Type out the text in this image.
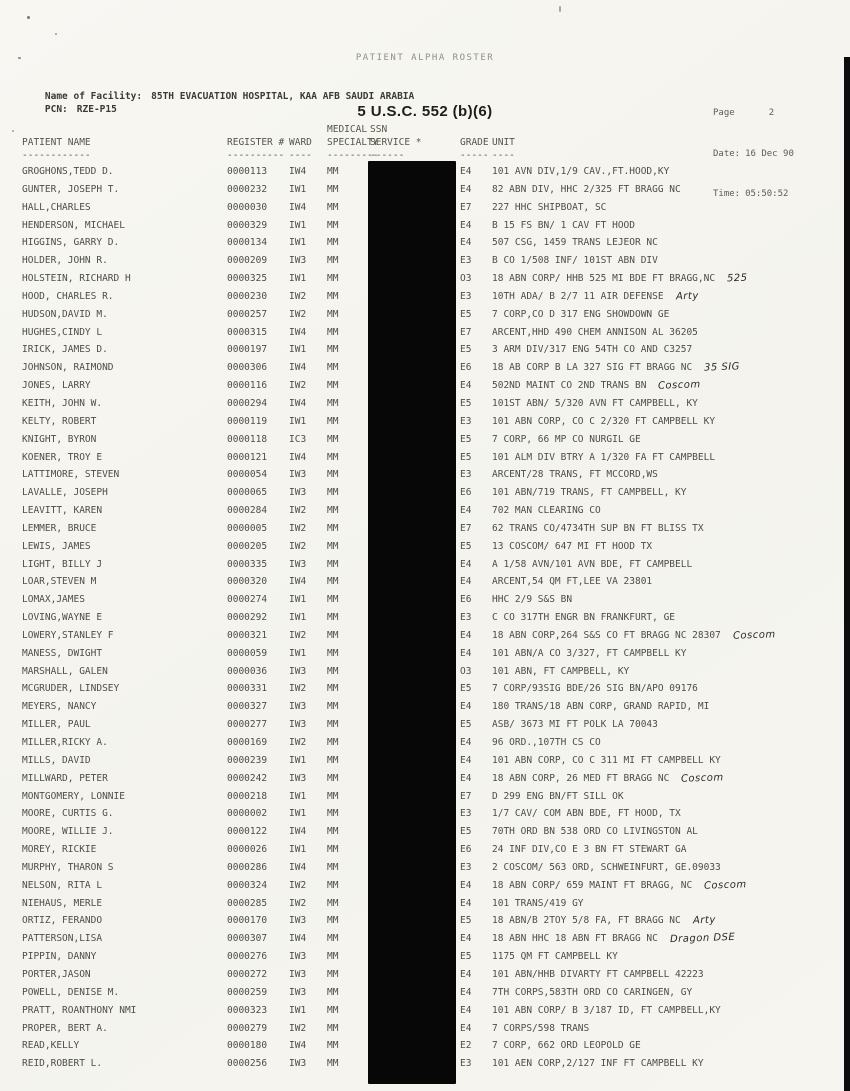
PATIENT ALPHA ROSTER

Name of Facility: 85TH EVACUATION HOSPITAL, KAA AFB SAUDI ARABIA

PCN: RZE-P15

	Page	2

Date: 16 Dec 90

Time: 05:50:52

5 U.S.C. 552 (b)(6)
MEDICAL SSN
PATIENT NAME	REGISTER # WARD	SPECIALTY
SERVICE *	GRADE UNIT
------------	---------- ----	---------
------	----- ----
GROGHONS,TEDD D.	0000113	IW4	MM	E4	101 AVN DIV,1/9 CAV.,FT.HOOD,KY
GUNTER, JOSEPH T.	0000232	IW1	MM	E4	82 ABN DIV, HHC 2/325 FT BRAGG NC
HALL,CHARLES	0000030	IW4	MM	E7	227 HHC SHIPBOAT, SC
HENDERSON, MICHAEL	0000329	IW1	MM	E4	B 15 FS BN/ 1 CAV FT HOOD
HIGGINS, GARRY D.	0000134	IW1	MM	E4	507 CSG, 1459 TRANS LEJEOR NC
HOLDER, JOHN R.	0000209	IW3	MM	E3	B CO 1/508 INF/ 101ST ABN DIV
HOLSTEIN, RICHARD H	0000325	IW1	MM	O3	18 ABN CORP/ HHB 525 MI BDE FT BRAGG,NC 525
HOOD, CHARLES R.	0000230	IW2	MM	E3	10TH ADA/ B 2/7 11 AIR DEFENSE Arty
HUDSON,DAVID M.	0000257	IW2	MM	E5	7 CORP,CO D 317 ENG SHOWDOWN GE
HUGHES,CINDY L	0000315	IW4	MM	E7	ARCENT,HHD 490 CHEM ANNISON AL 36205
IRICK, JAMES D.	0000197	IW1	MM	E5	3 ARM DIV/317 ENG 54TH CO AND C3257
JOHNSON, RAIMOND	0000306	IW4	MM	E6	18 AB CORP B LA 327 SIG FT BRAGG NC 35 SIG
JONES, LARRY	0000116	IW2	MM	E4	502ND MAINT CO 2ND TRANS BN Coscom
KEITH, JOHN W.	0000294	IW4	MM	E5	101ST ABN/ 5/320 AVN FT CAMPBELL, KY
KELTY, ROBERT	0000119	IW1	MM	E3	101 ABN CORP, CO C 2/320 FT CAMPBELL KY
KNIGHT, BYRON	0000118	IC3	MM	E5	7 CORP, 66 MP CO NURGIL GE
KOENER, TROY E	0000121	IW4	MM	E5	101 ALM DIV BTRY A 1/320 FA FT CAMPBELL
LATTIMORE, STEVEN	0000054	IW3	MM	E3	ARCENT/28 TRANS, FT MCCORD,WS
LAVALLE, JOSEPH	0000065	IW3	MM	E6	101 ABN/719 TRANS, FT CAMPBELL, KY
LEAVITT, KAREN	0000284	IW2	MM	E4	702 MAN CLEARING CO
LEMMER, BRUCE	0000005	IW2	MM	E7	62 TRANS CO/4734TH SUP BN FT BLISS TX
LEWIS, JAMES	0000205	IW2	MM	E5	13 COSCOM/ 647 MI FT HOOD TX
LIGHT, BILLY J	0000335	IW3	MM	E4	A 1/58 AVN/101 AVN BDE, FT CAMPBELL
LOAR,STEVEN M	0000320	IW4	MM	E4	ARCENT,54 QM FT,LEE VA 23801
LOMAX,JAMES	0000274	IW1	MM	E6	HHC 2/9 S&S BN
LOVING,WAYNE E	0000292	IW1	MM	E3	C CO 317TH ENGR BN FRANKFURT, GE
LOWERY,STANLEY F	0000321	IW2	MM	E4	18 ABN CORP,264 S&S CO FT BRAGG NC 28307 Coscom
MANESS, DWIGHT	0000059	IW1	MM	E4	101 ABN/A CO 3/327, FT CAMPBELL KY
MARSHALL, GALEN	0000036	IW3	MM	O3	101 ABN, FT CAMPBELL, KY
MCGRUDER, LINDSEY	0000331	IW2	MM	E5	7 CORP/93SIG BDE/26 SIG BN/APO 09176
MEYERS, NANCY	0000327	IW3	MM	E4	180 TRANS/18 ABN CORP, GRAND RAPID, MI
MILLER, PAUL	0000277	IW3	MM	E5	ASB/ 3673 MI FT POLK LA 70043
MILLER,RICKY A.	0000169	IW2	MM	E4	96 ORD.,107TH CS CO
MILLS, DAVID	0000239	IW1	MM	E4	101 ABN CORP, CO C 311 MI FT CAMPBELL KY
MILLWARD, PETER	0000242	IW3	MM	E4	18 ABN CORP, 26 MED FT BRAGG NC Coscom
MONTGOMERY, LONNIE	0000218	IW1	MM	E7	D 299 ENG BN/FT SILL OK
MOORE, CURTIS G.	0000002	IW1	MM	E3	1/7 CAV/ COM ABN BDE, FT HOOD, TX
MOORE, WILLIE J.	0000122	IW4	MM	E5	70TH ORD BN 538 ORD CO LIVINGSTON AL
MOREY, RICKIE	0000026	IW1	MM	E6	24 INF DIV,CO E 3 BN FT STEWART GA
MURPHY, THARON S	0000286	IW4	MM	E3	2 COSCOM/ 563 ORD, SCHWEINFURT, GE.09033
NELSON, RITA L	0000324	IW2	MM	E4	18 ABN CORP/ 659 MAINT FT BRAGG, NC Coscom
NIEHAUS, MERLE	0000285	IW2	MM	E4	101 TRANS/419 GY
ORTIZ, FERANDO	0000170	IW3	MM	E5	18 ABN/B 2TOY 5/8 FA, FT BRAGG NC Arty
PATTERSON,LISA	0000307	IW4	MM	E4	18 ABN HHC 18 ABN FT BRAGG NC Dragon DSE
PIPPIN, DANNY	0000276	IW3	MM	E5	1175 QM FT CAMPBELL KY
PORTER,JASON	0000272	IW3	MM	E4	101 ABN/HHB DIVARTY FT CAMPBELL 42223
POWELL, DENISE M.	0000259	IW3	MM	E4	7TH CORPS,583TH ORD CO CARINGEN, GY
PRATT, ROANTHONY NMI	0000323	IW1	MM	E4	101 ABN CORP/ B 3/187 ID, FT CAMPBELL,KY
PROPER, BERT A.	0000279	IW2	MM	E4	7 CORPS/598 TRANS
READ,KELLY	0000180	IW4	MM	E2	7 CORP, 662 ORD LEOPOLD GE
REID,ROBERT L.	0000256	IW3	MM	E3	101 AEN CORP,2/127 INF FT CAMPBELL KY
